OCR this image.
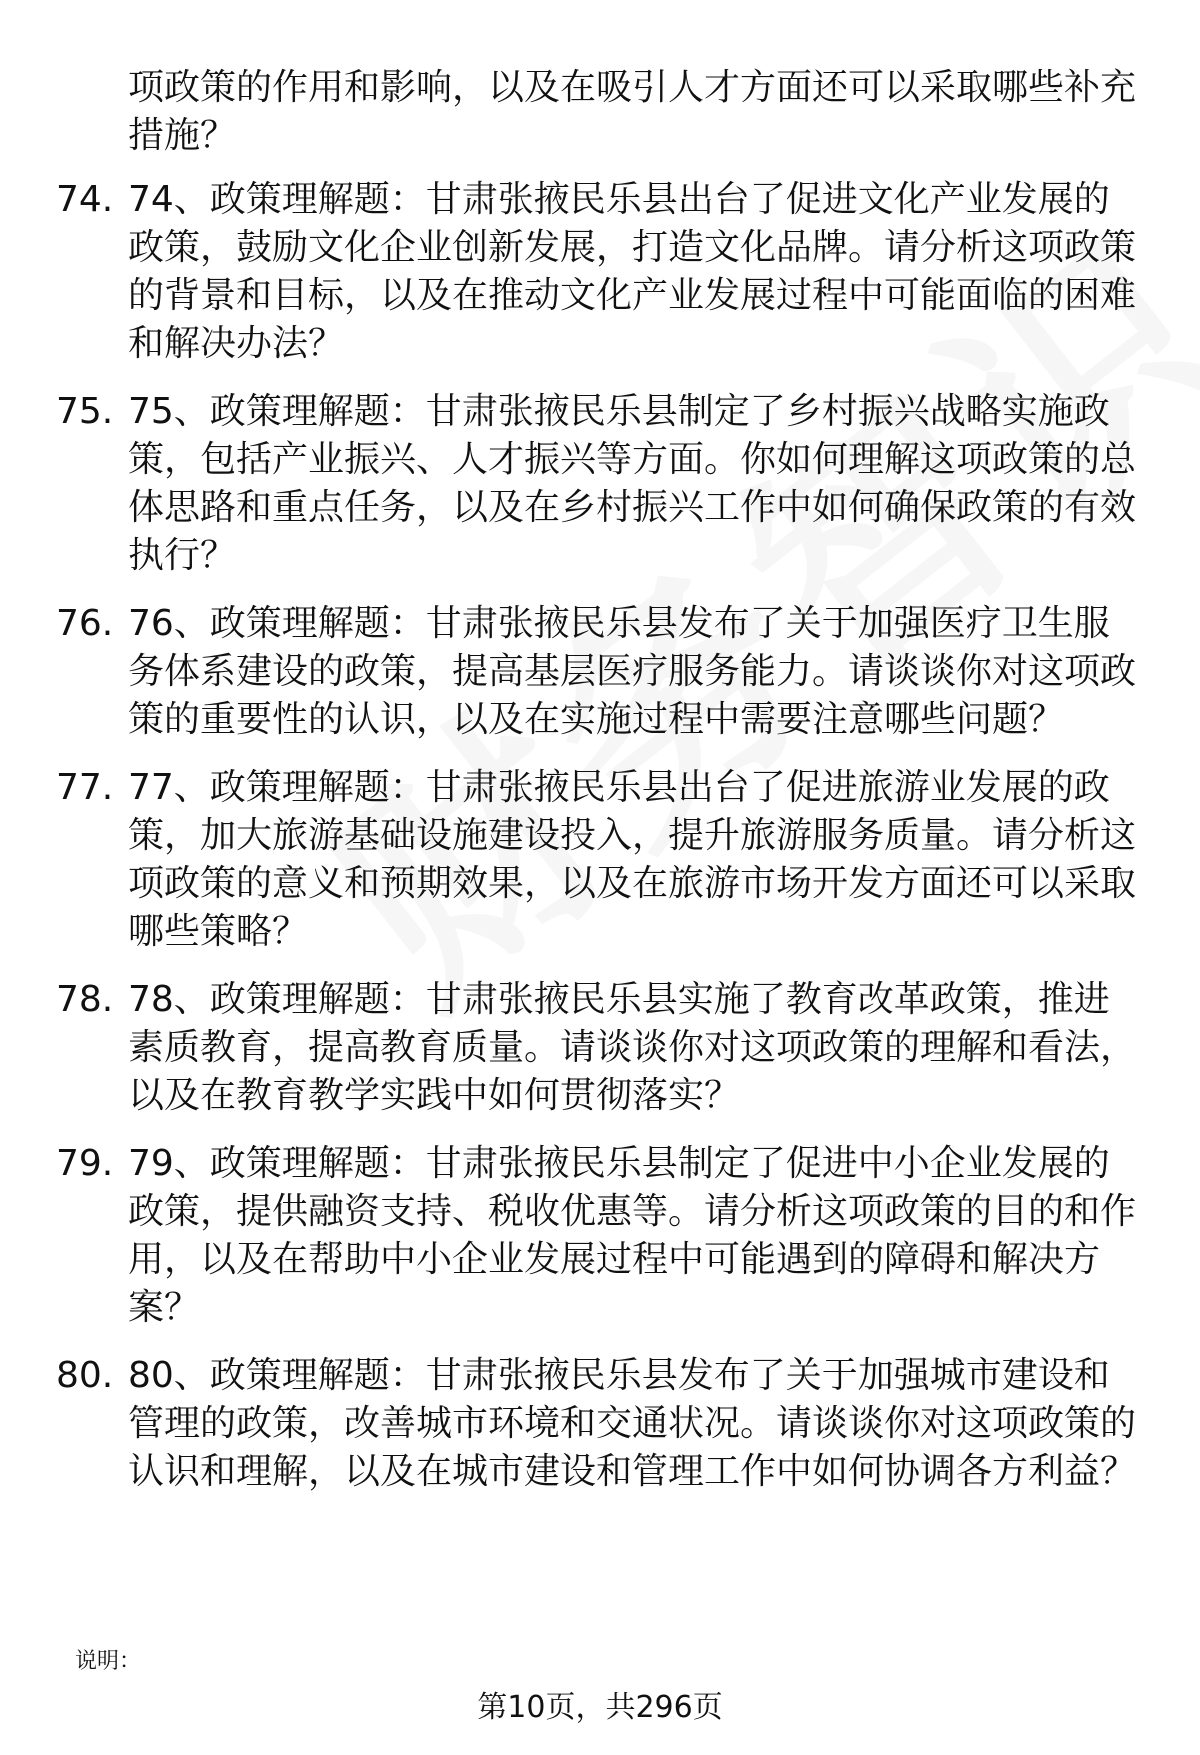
项政策的作用和影响，以及在吸引人才方面还可以采取哪些补充措施？
74. 74、政策理解题：甘肃张掖民乐县出台了促进文化产业发展的政策，鼓励文化企业创新发展，打造文化品牌。请分析这项政策的背景和目标，以及在推动文化产业发展过程中可能面临的困难和解决办法？
75. 75、政策理解题：甘肃张掖民乐县制定了乡村振兴战略实施政策，包括产业振兴、人才振兴等方面。你如何理解这项政策的总体思路和重点任务，以及在乡村振兴工作中如何确保政策的有效执行？
76. 76、政策理解题：甘肃张掖民乐县发布了关于加强医疗卫生服务体系建设的政策，提高基层医疗服务能力。请谈谈你对这项政策的重要性的认识，以及在实施过程中需要注意哪些问题？
77. 77、政策理解题：甘肃张掖民乐县出台了促进旅游业发展的政策，加大旅游基础设施建设投入，提升旅游服务质量。请分析这项政策的意义和预期效果，以及在旅游市场开发方面还可以采取哪些策略？
78. 78、政策理解题：甘肃张掖民乐县实施了教育改革政策，推进素质教育，提高教育质量。请谈谈你对这项政策的理解和看法，以及在教育教学实践中如何贯彻落实？
79. 79、政策理解题：甘肃张掖民乐县制定了促进中小企业发展的政策，提供融资支持、税收优惠等。请分析这项政策的目的和作用，以及在帮助中小企业发展过程中可能遇到的障碍和解决方案？
80. 80、政策理解题：甘肃张掖民乐县发布了关于加强城市建设和管理的政策，改善城市环境和交通状况。请谈谈你对这项政策的认识和理解，以及在城市建设和管理工作中如何协调各方利益？
说明：
第10页，共296页
